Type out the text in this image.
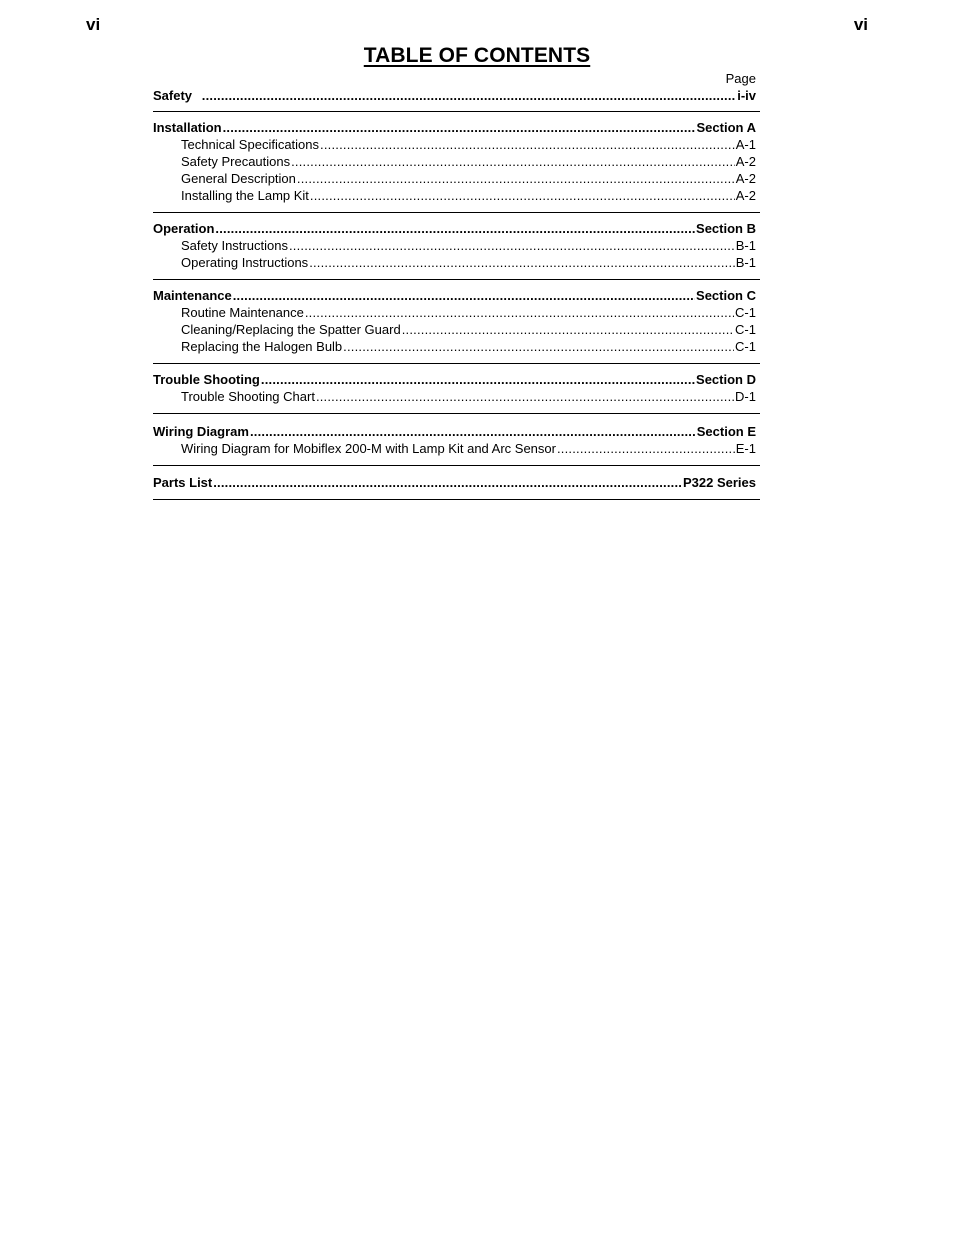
vi	vi
TABLE OF CONTENTS
Page
Safety .....	i-iv
Installation .....	Section A
Technical Specifications .....	A-1
Safety Precautions .....	A-2
General Description .....	A-2
Installing the Lamp Kit .....	A-2
Operation .....	Section B
Safety Instructions .....	B-1
Operating Instructions .....	B-1
Maintenance .....	Section C
Routine Maintenance .....	C-1
Cleaning/Replacing the Spatter Guard .....	C-1
Replacing the Halogen Bulb .....	C-1
Trouble Shooting .....	Section D
Trouble Shooting Chart .....	D-1
Wiring Diagram .....	Section E
Wiring Diagram for Mobiflex 200-M with Lamp Kit and Arc Sensor .....	E-1
Parts List .....	P322 Series
